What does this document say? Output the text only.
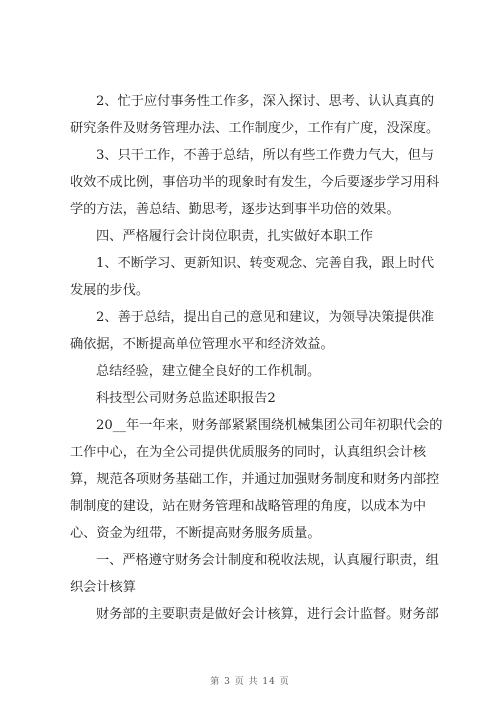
2、忙于应付事务性工作多，深入探讨、思考、认认真真的
研究条件及财务管理办法、工作制度少，工作有广度，没深度。
3、只干工作，不善于总结，所以有些工作费力气大，但与
收效不成比例，事倍功半的现象时有发生，今后要逐步学习用科
学的方法，善总结、勤思考，逐步达到事半功倍的效果。
四、严格履行会计岗位职责，扎实做好本职工作
1、不断学习、更新知识、转变观念、完善自我，跟上时代
发展的步伐。
2、善于总结，提出自己的意见和建议，为领导决策提供准
确依据，不断提高单位管理水平和经济效益。
总结经验，建立健全良好的工作机制。
科技型公司财务总监述职报告2
20__年一年来，财务部紧紧围绕机械集团公司年初职代会的
工作中心，在为全公司提供优质服务的同时，认真组织会计核
算，规范各项财务基础工作，并通过加强财务制度和财务内部控
制制度的建设，站在财务管理和战略管理的角度，以成本为中
心、资金为纽带，不断提高财务服务质量。
一、严格遵守财务会计制度和税收法规，认真履行职责，组
织会计核算
财务部的主要职责是做好会计核算，进行会计监督。财务部
第 3 页 共 14 页
